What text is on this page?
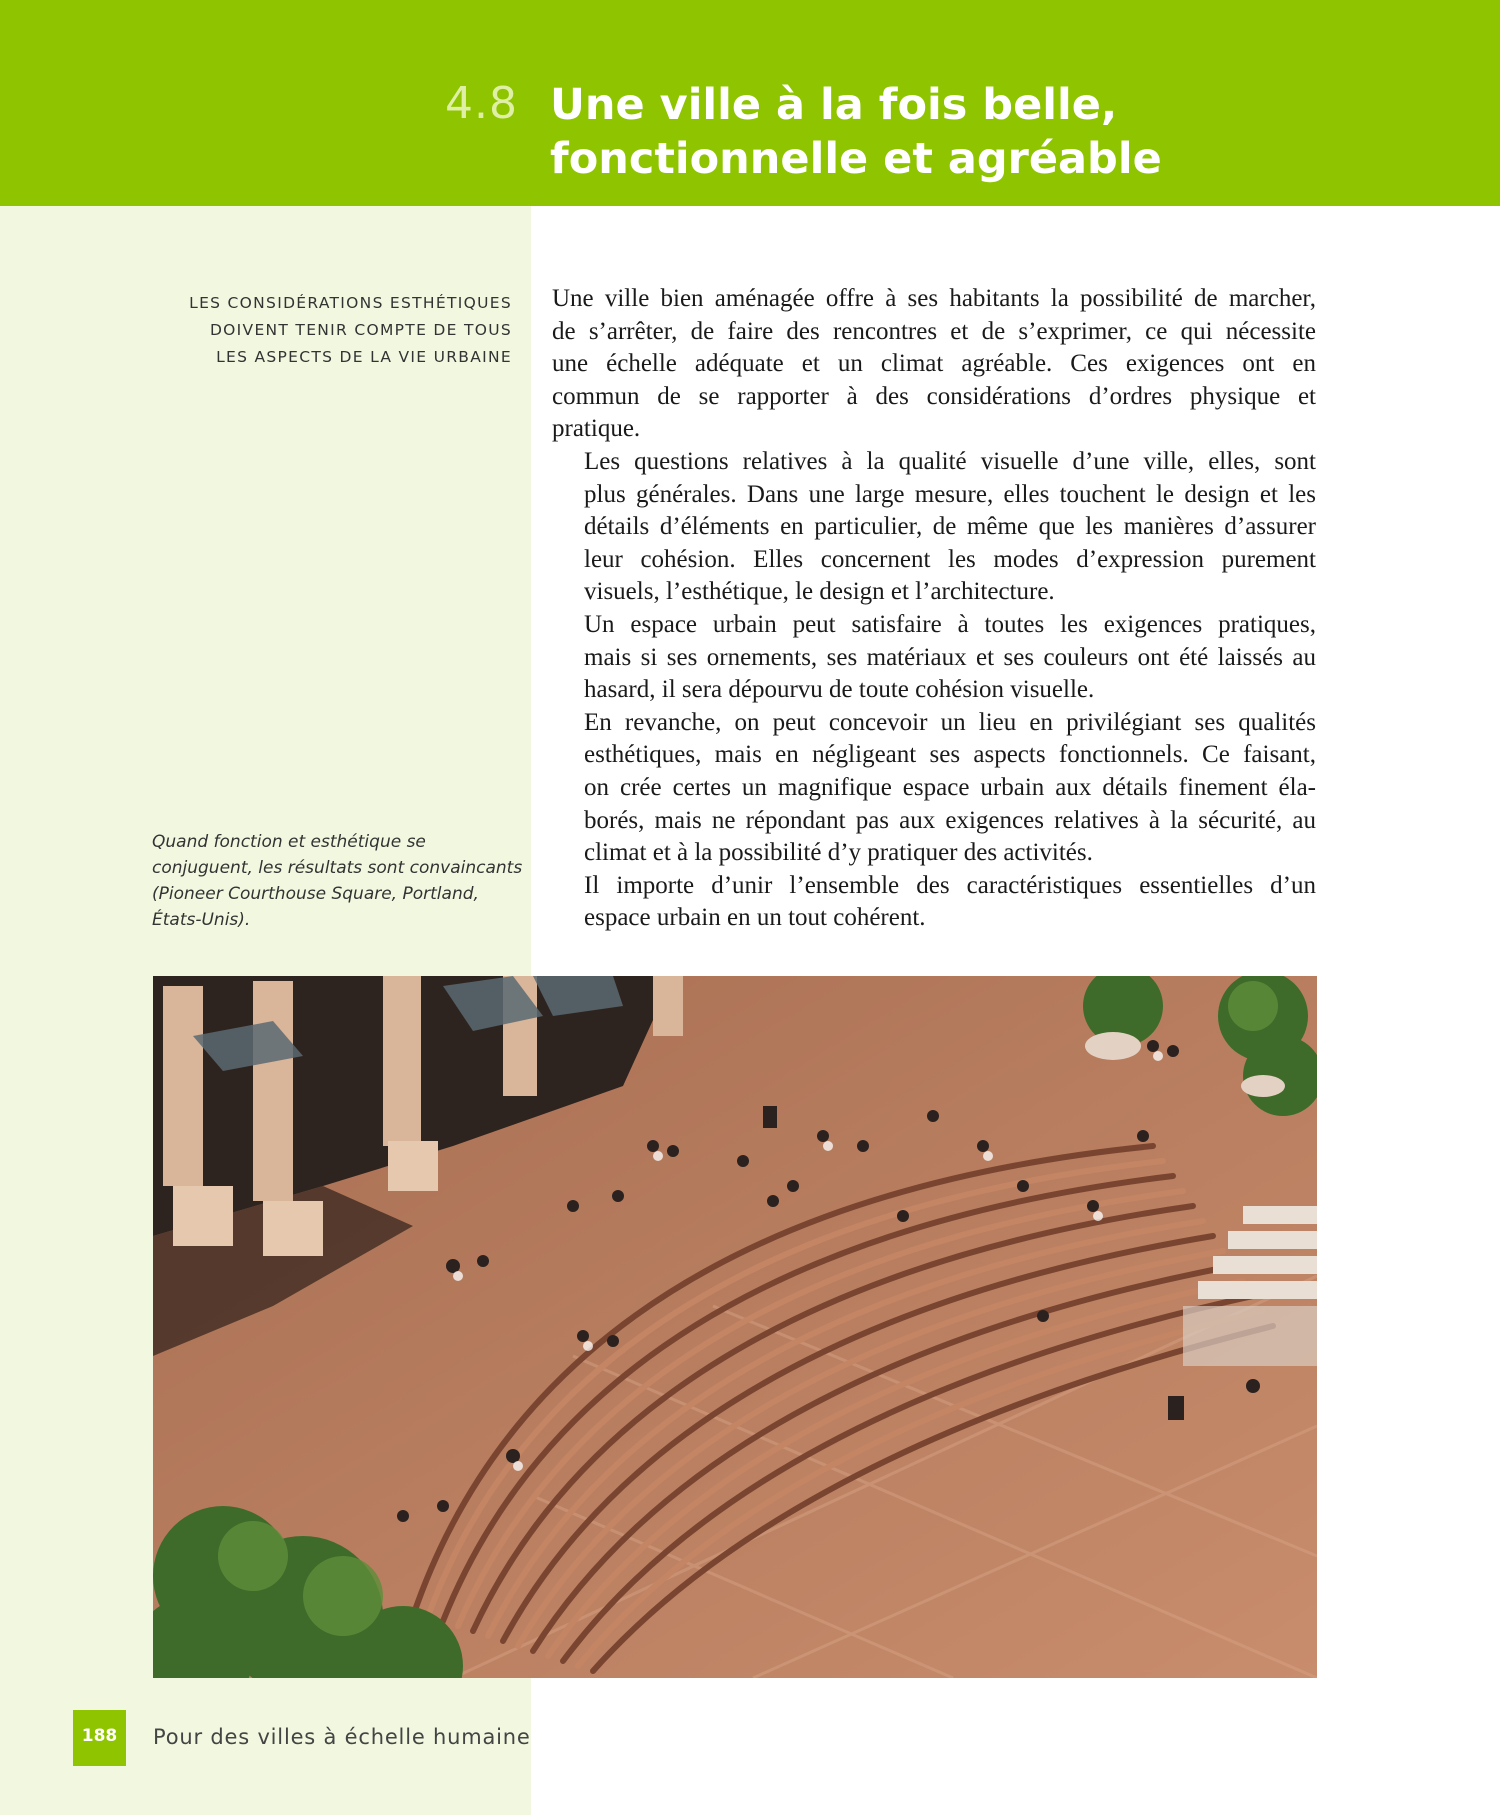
4.8 Une ville à la fois belle,
fonctionnelle et agréable
LES CONSIDÉRATIONS ESTHÉTIQUES
DOIVENT TENIR COMPTE DE TOUS
LES ASPECTS DE LA VIE URBAINE
Une ville bien aménagée offre à ses habitants la possibilité de marcher,
de s’arrêter, de faire des rencontres et de s’exprimer, ce qui nécessite
une échelle adéquate et un climat agréable. Ces exigences ont en
commun de se rapporter à des considérations d’ordres physique et
pratique.
Les questions relatives à la qualité visuelle d’une ville, elles, sont
plus générales. Dans une large mesure, elles touchent le design et les
détails d’éléments en particulier, de même que les manières d’assurer
leur cohésion. Elles concernent les modes d’expression purement
visuels, l’esthétique, le design et l’architecture.
Un espace urbain peut satisfaire à toutes les exigences pratiques,
mais si ses ornements, ses matériaux et ses couleurs ont été laissés au
hasard, il sera dépourvu de toute cohésion visuelle.
En revanche, on peut concevoir un lieu en privilégiant ses qualités
esthétiques, mais en négligeant ses aspects fonctionnels. Ce faisant,
on crée certes un magnifique espace urbain aux détails finement éla-
borés, mais ne répondant pas aux exigences relatives à la sécurité, au
climat et à la possibilité d’y pratiquer des activités.
Il importe d’unir l’ensemble des caractéristiques essentielles d’un
espace urbain en un tout cohérent.
Quand fonction et esthétique se
conjuguent, les résultats sont convaincants
(Pioneer Courthouse Square, Portland,
États-Unis).
188	Pour des villes à échelle humaine
